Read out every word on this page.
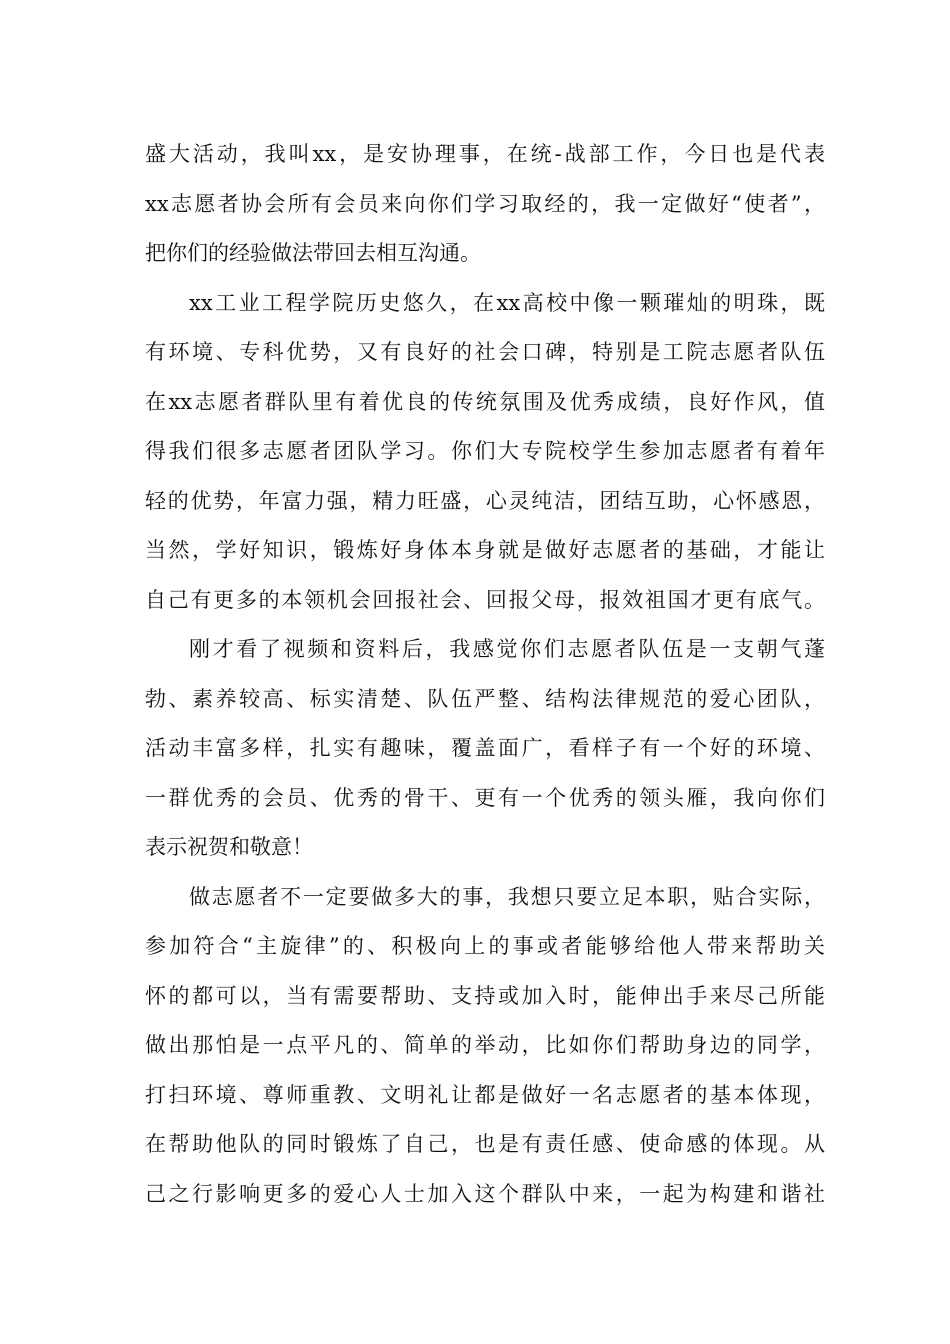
盛大活动，我叫xx，是安协理事，在统-战部工作，今日也是代表
xx志愿者协会所有会员来向你们学习取经的，我一定做好“使者”，
把你们的经验做法带回去相互沟通。
xx工业工程学院历史悠久，在xx高校中像一颗璀灿的明珠，既
有环境、专科优势，又有良好的社会口碑，特别是工院志愿者队伍
在xx志愿者群队里有着优良的传统氛围及优秀成绩，良好作风，值
得我们很多志愿者团队学习。你们大专院校学生参加志愿者有着年
轻的优势，年富力强，精力旺盛，心灵纯洁，团结互助，心怀感恩，
当然，学好知识，锻炼好身体本身就是做好志愿者的基础，才能让
自己有更多的本领机会回报社会、回报父母，报效祖国才更有底气。
刚才看了视频和资料后，我感觉你们志愿者队伍是一支朝气蓬
勃、素养较高、标实清楚、队伍严整、结构法律规范的爱心团队，
活动丰富多样，扎实有趣味，覆盖面广，看样子有一个好的环境、
一群优秀的会员、优秀的骨干、更有一个优秀的领头雁，我向你们
表示祝贺和敬意！
做志愿者不一定要做多大的事，我想只要立足本职，贴合实际，
参加符合“主旋律”的、积极向上的事或者能够给他人带来帮助关
怀的都可以，当有需要帮助、支持或加入时，能伸出手来尽己所能
做出那怕是一点平凡的、简单的举动，比如你们帮助身边的同学，
打扫环境、尊师重教、文明礼让都是做好一名志愿者的基本体现，
在帮助他队的同时锻炼了自己，也是有责任感、使命感的体现。从
己之行影响更多的爱心人士加入这个群队中来，一起为构建和谐社
